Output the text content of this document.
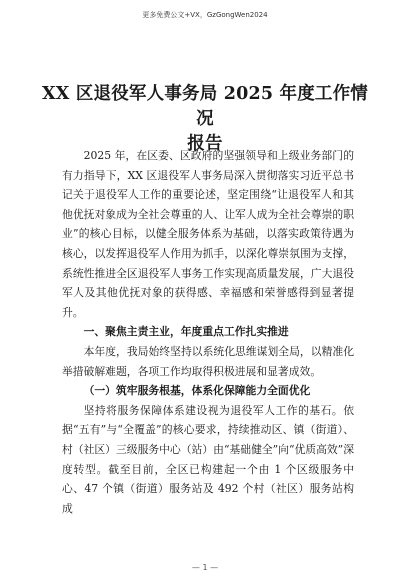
更多免费公文+VX，GzGongWen2024
XX 区退役军人事务局 2025 年度工作情况
报告

2025 年，在区委、区政府的坚强领导和上级业务部门的有力指导下，XX 区退役军人事务局深入贯彻落实习近平总书记关于退役军人工作的重要论述，坚定围绕“让退役军人和其他优抚对象成为全社会尊重的人、让军人成为全社会尊崇的职业”的核心目标，以健全服务体系为基础，以落实政策待遇为核心，以发挥退役军人作用为抓手，以深化尊崇氛围为支撑，系统性推进全区退役军人事务工作实现高质量发展，广大退役军人及其他优抚对象的获得感、幸福感和荣誉感得到显著提升。

一、聚焦主责主业，年度重点工作扎实推进

本年度，我局始终坚持以系统化思维谋划全局，以精准化举措破解难题，各项工作均取得积极进展和显著成效。

（一）筑牢服务根基，体系化保障能力全面优化

坚持将服务保障体系建设视为退役军人工作的基石。依据“五有”与“全覆盖”的核心要求，持续推动区、镇（街道）、村（社区）三级服务中心（站）由“基础健全”向“优质高效”深度转型。截至目前，全区已构建起一个由 1 个区级服务中心、47 个镇（街道）服务站及 492 个村（社区）服务站构成

— 1 —
